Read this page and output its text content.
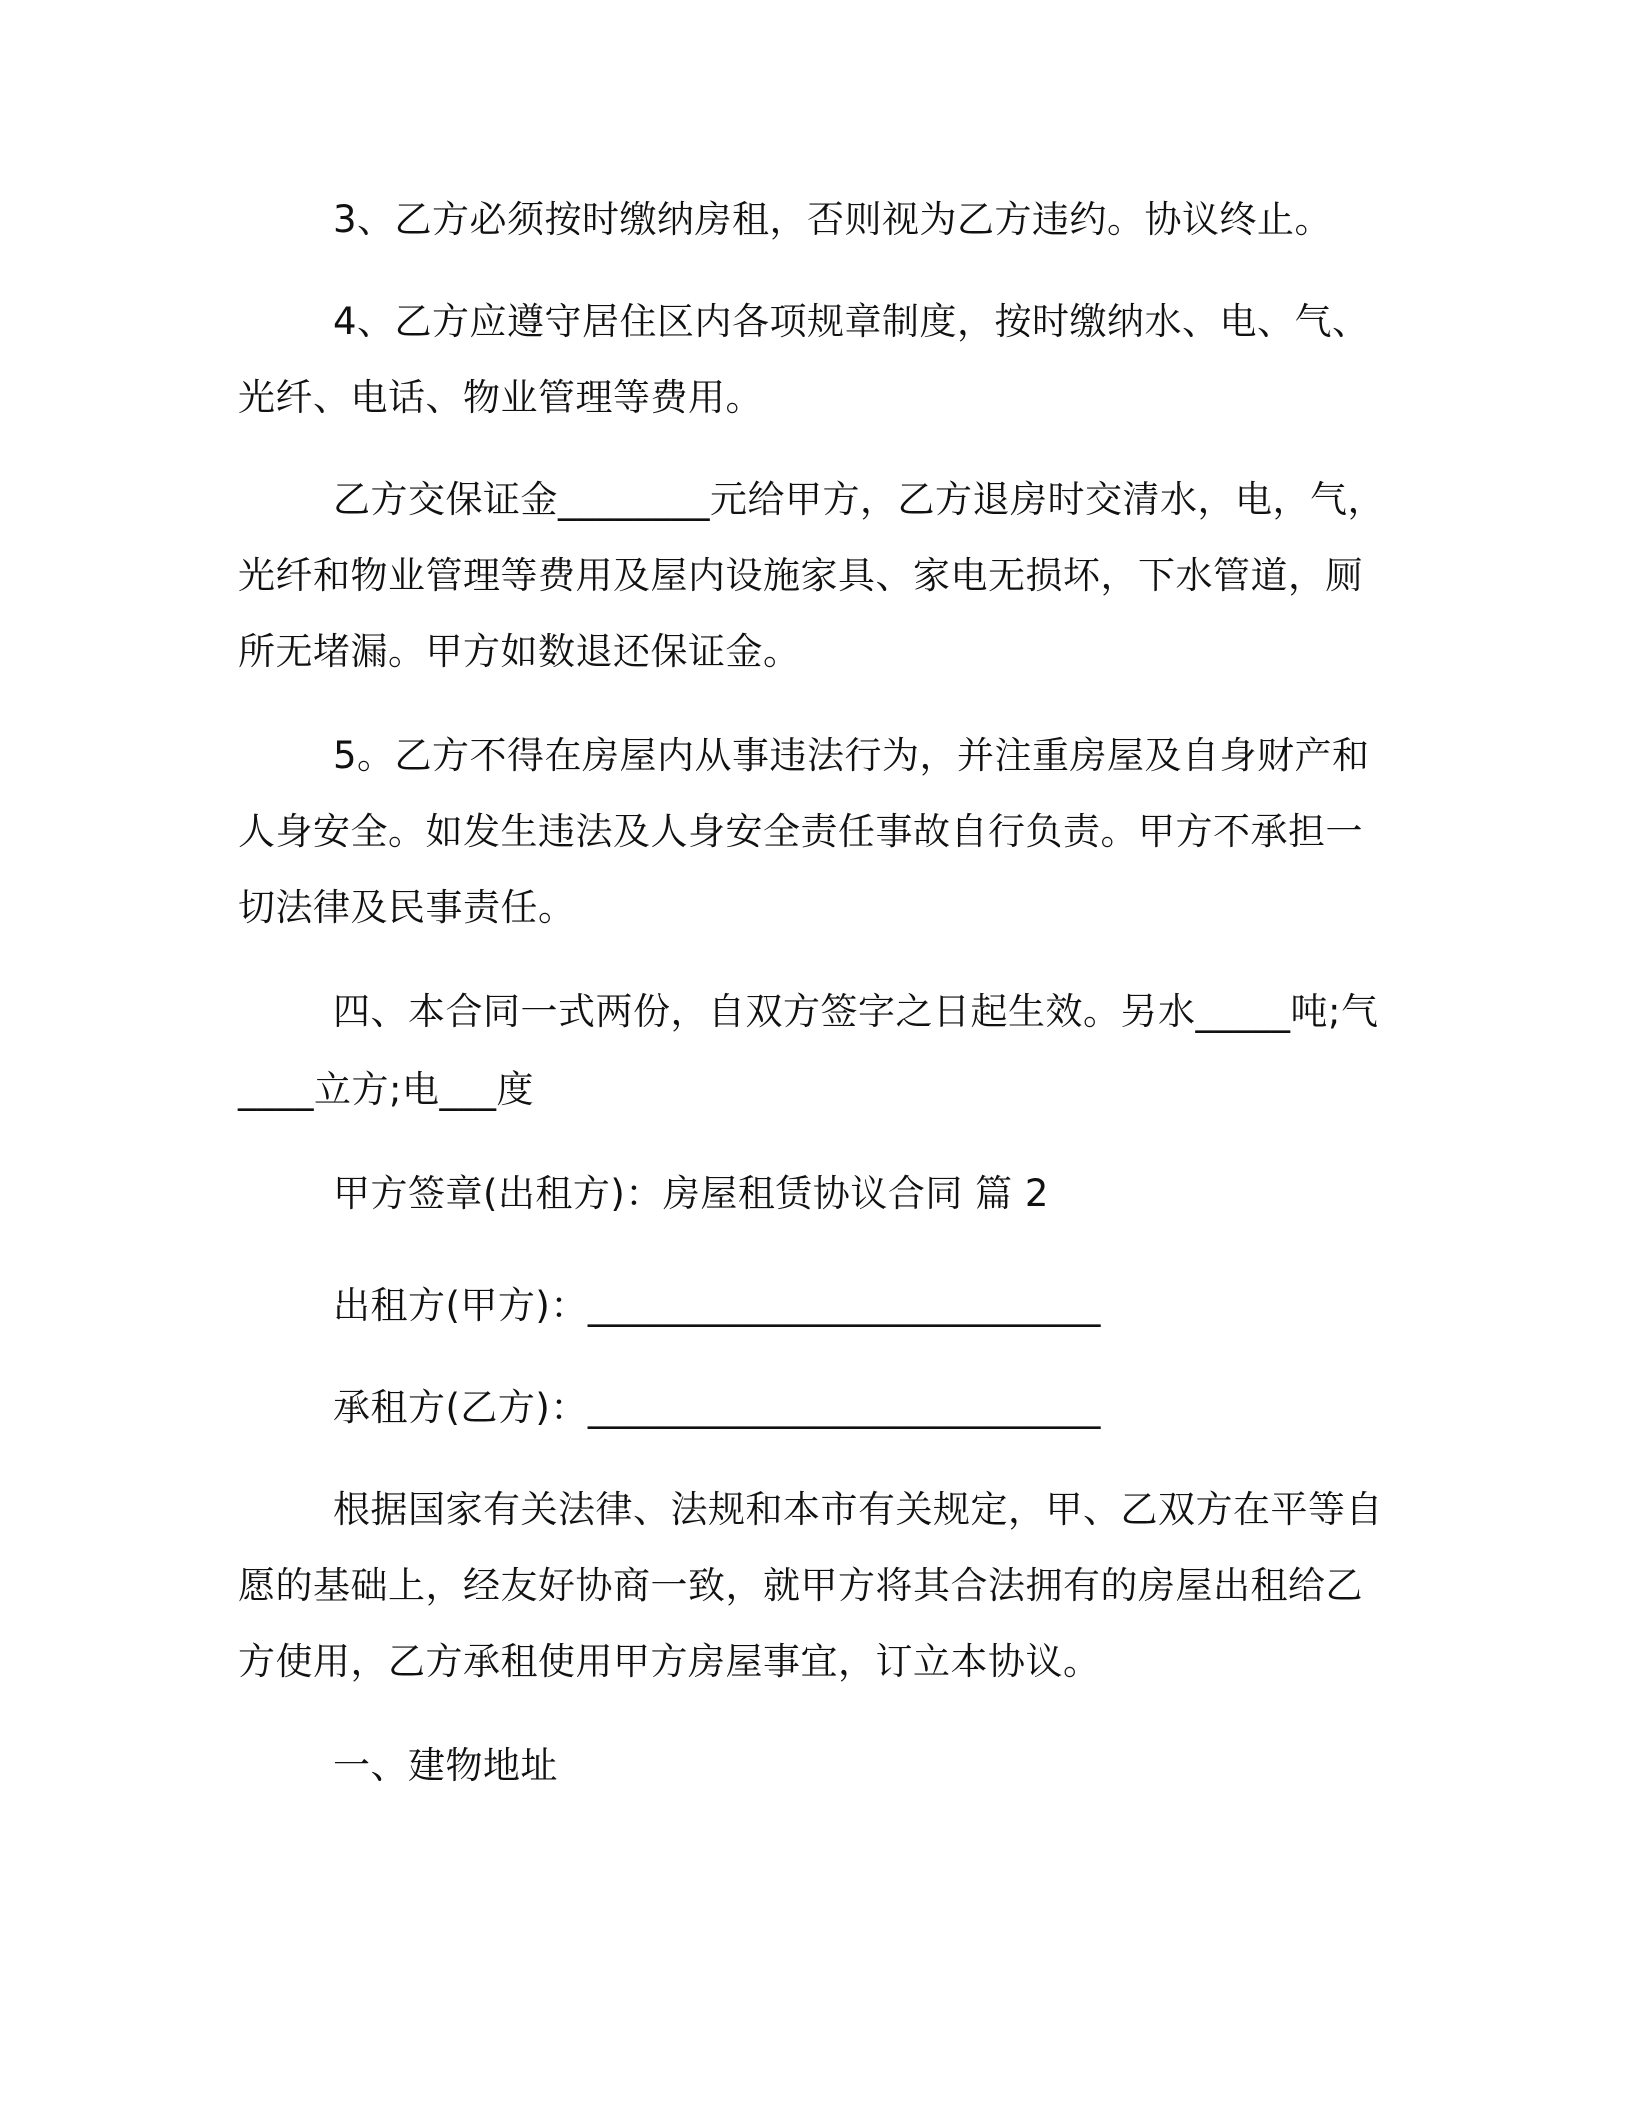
3、乙方必须按时缴纳房租，否则视为乙方违约。协议终止。
4、乙方应遵守居住区内各项规章制度，按时缴纳水、电、气、
光纤、电话、物业管理等费用。
乙方交保证金________元给甲方，乙方退房时交清水，电，气，
光纤和物业管理等费用及屋内设施家具、家电无损坏，下水管道，厕
所无堵漏。甲方如数退还保证金。
5。乙方不得在房屋内从事违法行为，并注重房屋及自身财产和
人身安全。如发生违法及人身安全责任事故自行负责。甲方不承担一
切法律及民事责任。
四、本合同一式两份，自双方签字之日起生效。另水_____吨;气
____立方;电___度
甲方签章(出租方)：房屋租赁协议合同 篇 2
出租方(甲方)：___________________________
承租方(乙方)：___________________________
根据国家有关法律、法规和本市有关规定，甲、乙双方在平等自
愿的基础上，经友好协商一致，就甲方将其合法拥有的房屋出租给乙
方使用，乙方承租使用甲方房屋事宜，订立本协议。
一、建物地址
